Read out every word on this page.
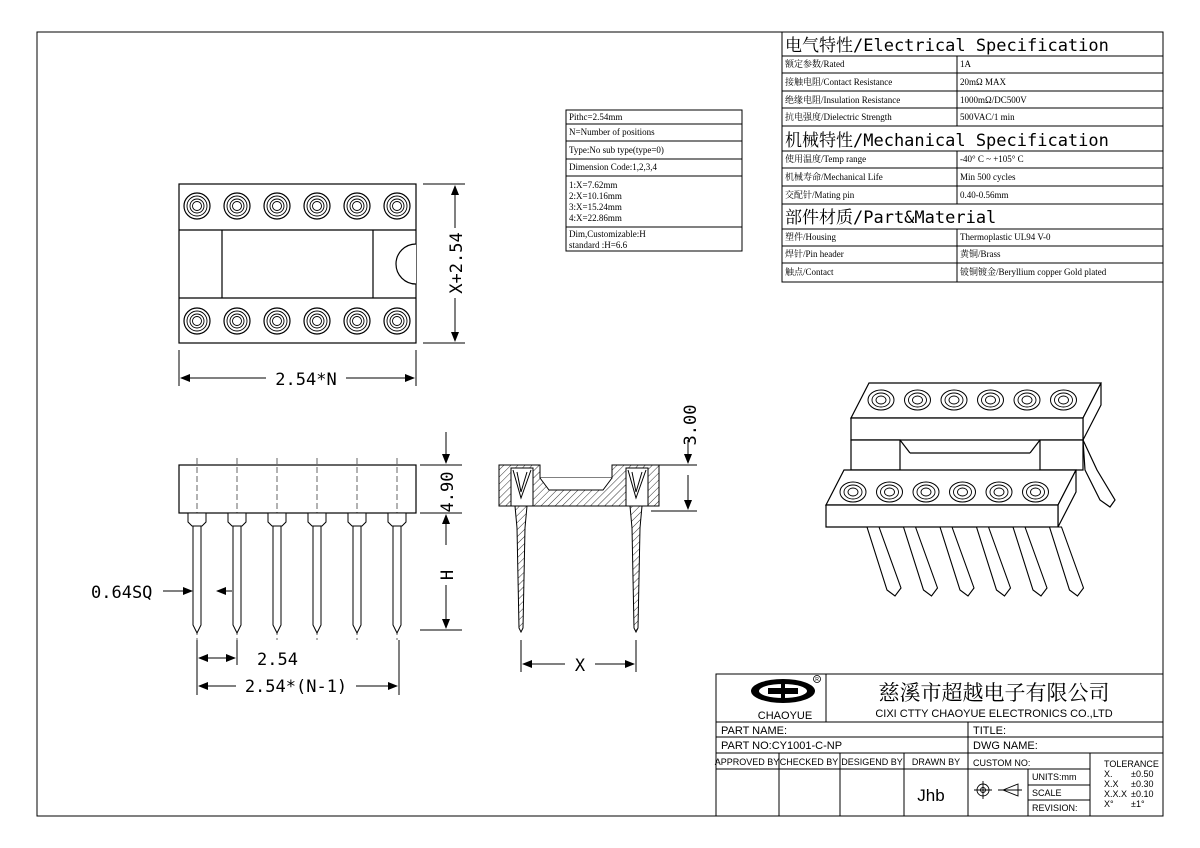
电气特性/Electrical Specification
额定参数/Rated	1A
接触电阻/Contact Resistance	20mΩ MAX
绝缘电阻/Insulation Resistance	1000mΩ/DC500V
抗电强度/Dielectric Strength	500VAC/1 min
机械特性/Mechanical Specification
使用温度/Temp range	-40° C ~ +105° C
机械寿命/Mechanical Life	Min 500 cycles
交配针/Mating pin	0.40-0.56mm
部件材质/Part&Material
塑件/Housing	Thermoplastic UL94 V-0
焊针/Pin header	黄铜/Brass
触点/Contact	铍铜镀金/Beryllium copper Gold plated
Pithc=2.54mm
N=Number of positions
Type:No sub type(type=0)
Dimension Code:1,2,3,4
1:X=7.62mm
2:X=10.16mm
3:X=15.24mm
4:X=22.86mm
Dim,Customizable:H
standard :H=6.6
X+2.54
2.54*N
4.90
H
0.64SQ
2.54
2.54*(N-1)
3.00
X
R
CHAOYUE
慈溪市超越电子有限公司
CIXI CTTY CHAOYUE ELECTRONICS CO.,LTD
PART NAME:	TITLE:
PART NO:CY1001-C-NP	DWG NAME:
APPROVED BY CHECKED BY DESIGEND BY DRAWN BY
Jhb
CUSTOM NO:
UNITS:mm
SCALE
REVISION:
TOLERANCE
X. ±0.50
X.X ±0.30
X.X.X ±0.10
X° ±1°
